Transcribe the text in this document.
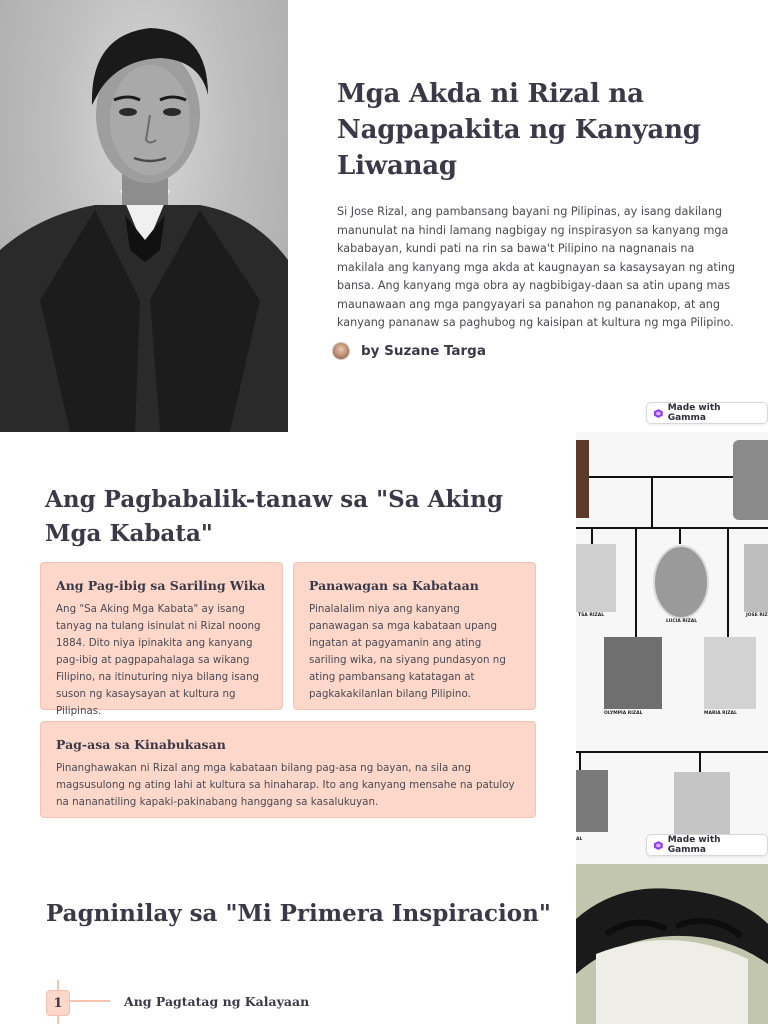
Mga Akda ni Rizal na Nagpapakita ng Kanyang Liwanag

Si Jose Rizal, ang pambansang bayani ng Pilipinas, ay isang dakilang manunulat na hindi lamang nagbigay ng inspirasyon sa kanyang mga kababayan, kundi pati na rin sa bawa't Pilipino na nagnanais na makilala ang kanyang mga akda at kaugnayan sa kasaysayan ng ating bansa. Ang kanyang mga obra ay nagbibigay-daan sa atin upang mas maunawaan ang mga pangyayari sa panahon ng pananakop, at ang kanyang pananaw sa paghubog ng kaisipan at kultura ng mga Pilipino.

by Suzane Targa
Made with Gamma
Ang Pagbabalik-tanaw sa "Sa Aking Mga Kabata"
Ang Pag-ibig sa Sariling Wika
Ang "Sa Aking Mga Kabata" ay isang tanyag na tulang isinulat ni Rizal noong 1884. Dito niya ipinakita ang kanyang pag-ibig at pagpapahalaga sa wikang Filipino, na itinuturing niya bilang isang suson ng kasaysayan at kultura ng Pilipinas.
Panawagan sa Kabataan
Pinalalalim niya ang kanyang panawagan sa mga kabataan upang ingatan at pagyamanin ang ating sariling wika, na siyang pundasyon ng ating pambansang katatagan at pagkakakilanlan bilang Pilipino.
Pag-asa sa Kinabukasan
Pinanghawakan ni Rizal ang mga kabataan bilang pag-asa ng bayan, na sila ang magsusulong ng ating lahi at kultura sa hinaharap. Ito ang kanyang mensahe na patuloy na nananatiling kapaki-pakinabang hanggang sa kasalukuyan.
TSA RIZAL
LUCIA RIZAL
JOSE RIZ
OLYMPIA RIZAL	MARIA RIZAL
AL	Made with Gamma
Pagninilay sa "Mi Primera Inspiracion"
1	Ang Pagtatag ng Kalayaan
